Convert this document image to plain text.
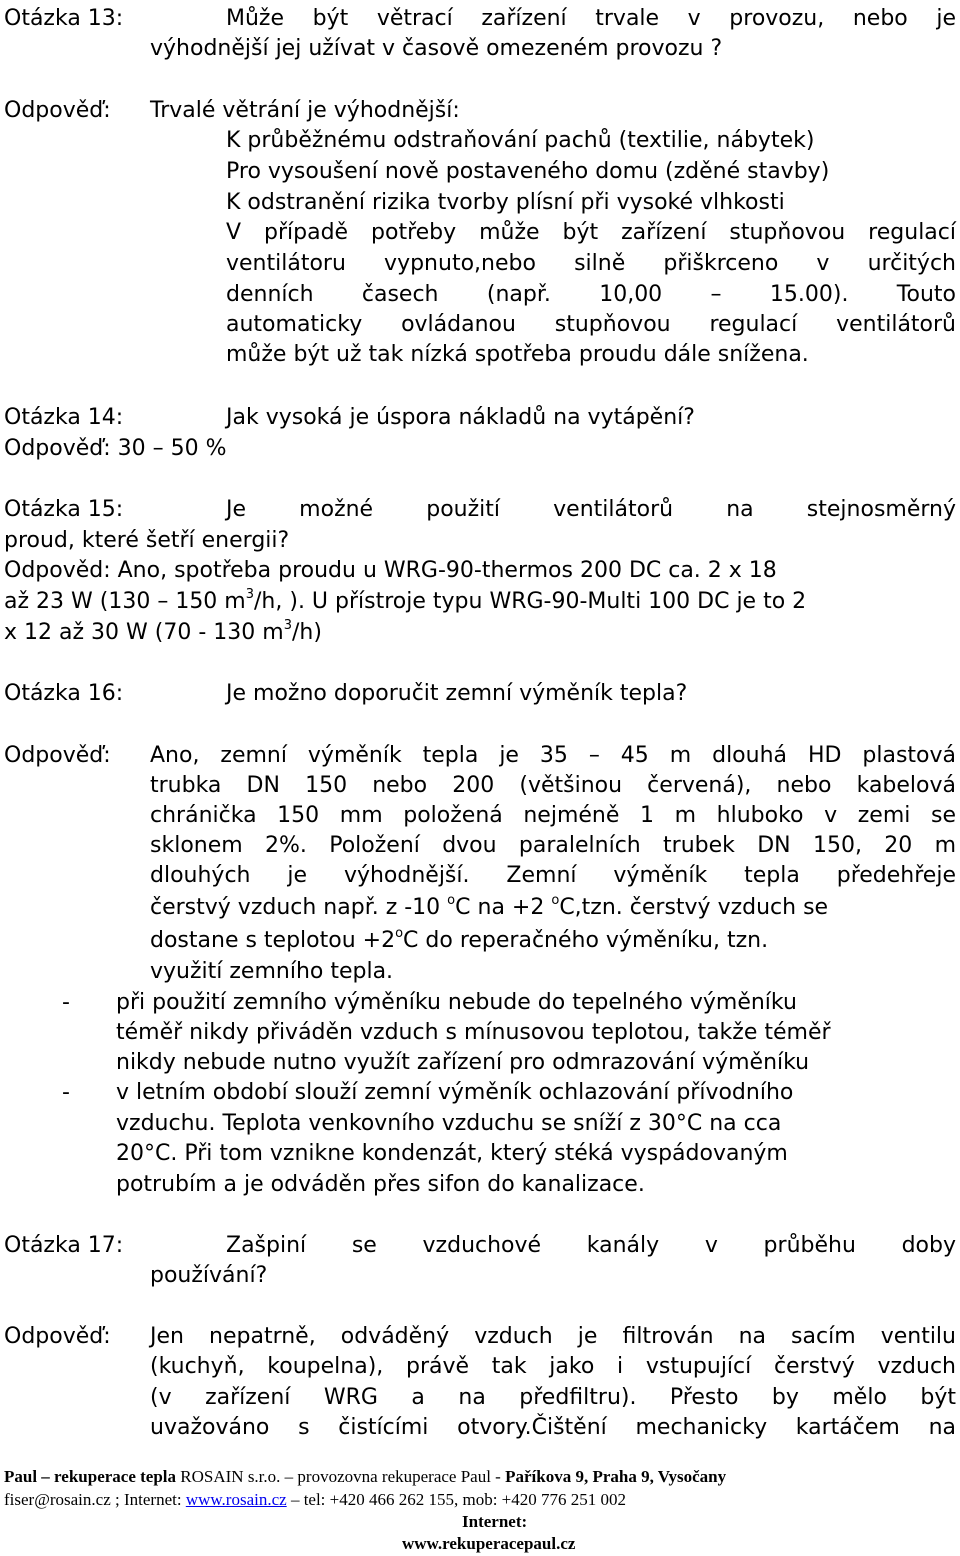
Otázka 13:	Může být větrací zařízení trvale v provozu, nebo je
výhodnější jej užívat v časově omezeném provozu ?
Odpověď: Trvalé větrání je výhodnější:
K průběžnému odstraňování pachů (textilie, nábytek)
Pro vysoušení nově postaveného domu (zděné stavby)
K odstranění rizika tvorby plísní při vysoké vlhkosti
V případě potřeby může být zařízení stupňovou regulací
ventilátoru vypnuto,nebo silně přiškrceno v určitých
denních časech (např. 10,00 – 15.00). Touto
automaticky ovládanou stupňovou regulací ventilátorů
může být už tak nízká spotřeba proudu dále snížena.
Otázka 14:	Jak vysoká je úspora nákladů na vytápění?
Odpověď: 30 – 50 %
Otázka 15:	Je možné použití ventilátorů na stejnosměrný
proud, které šetří energii?
Odpověd: Ano, spotřeba proudu u WRG-90-thermos 200 DC ca. 2 x 18
až 23 W (130 – 150 $m^3/h$, ). U přístroje typu WRG-90-Multi 100 DC je to 2
x 12 až 30 W (70 - 130 $m^3/h$)
Otázka 16:	Je možno doporučit zemní výměník tepla?
Odpověď: Ano, zemní výměník tepla je 35 – 45 m dlouhá HD plastová
trubka DN 150 nebo 200 (většinou červená), nebo kabelová
chránička 150 mm položená nejméně 1 m hluboko v zemi se
sklonem 2%. Položení dvou paralelních trubek DN 150, 20 m
dlouhých je výhodnější. Zemní výměník tepla předehřeje
čerstvý vzduch např. z -10 $^o$C na +2 $^o$C,tzn. čerstvý vzduch se
dostane s teplotou $+2^oC$ do reperačného výměníku, tzn.
využití zemního tepla.
- při použití zemního výměníku nebude do tepelného výměníku
téměř nikdy přiváděn vzduch s mínusovou teplotou, takže téměř
nikdy nebude nutno využít zařízení pro odmrazování výměníku
- v letním období slouží zemní výměník ochlazování přívodního
vzduchu. Teplota venkovního vzduchu se sníží z 30°C na cca
20°C. Při tom vznikne kondenzát, který stéká vyspádovaným
potrubím a je odváděn přes sifon do kanalizace.
Otázka 17:	Zašpiní se vzduchové kanály v průběhu doby
používání?
Odpověď: Jen nepatrně, odváděný vzduch je filtrován na sacím ventilu
(kuchyň, koupelna), právě tak jako i vstupující čerstvý vzduch
(v zařízení WRG a na předfiltru). Přesto by mělo být
uvažováno s čistícími otvory.Čištění mechanicky kartáčem na
Paul – rekuperace tepla ROSAIN s.r.o. – provozovna rekuperace Paul - Paříkova 9, Praha 9, Vysočany
fiser@rosain.cz ; Internet: www.rosain.cz – tel: +420 466 262 155, mob: +420 776 251 002
Internet:
www.rekuperacepaul.cz
